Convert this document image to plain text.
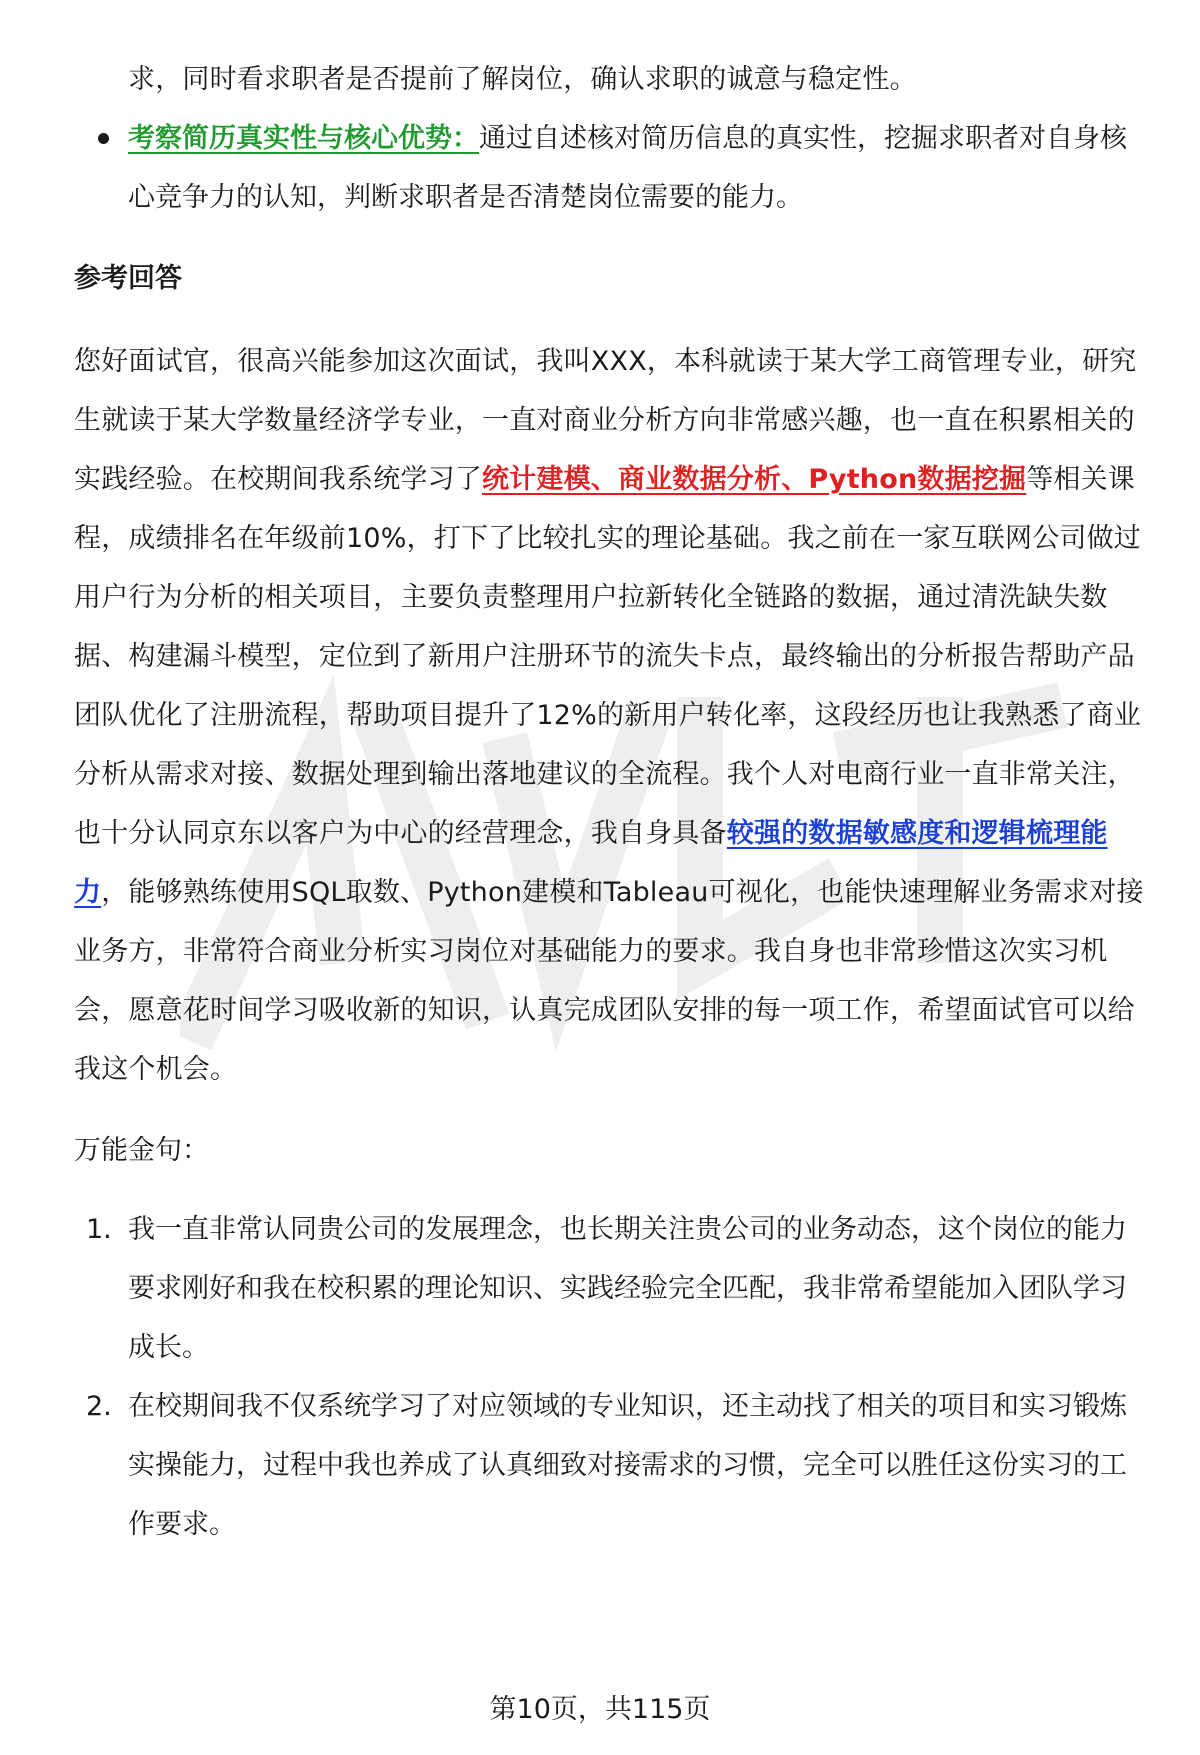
求，同时看求职者是否提前了解岗位，确认求职的诚意与稳定性。

考察简历真实性与核心优势：通过自述核对简历信息的真实性，挖掘求职者对自身核心竞争力的认知，判断求职者是否清楚岗位需要的能力。

参考回答

您好面试官，很高兴能参加这次面试，我叫XXX，本科就读于某大学工商管理专业，研究生就读于某大学数量经济学专业，一直对商业分析方向非常感兴趣，也一直在积累相关的实践经验。在校期间我系统学习了统计建模、商业数据分析、Python数据挖掘等相关课程，成绩排名在年级前10%，打下了比较扎实的理论基础。我之前在一家互联网公司做过用户行为分析的相关项目，主要负责整理用户拉新转化全链路的数据，通过清洗缺失数据、构建漏斗模型，定位到了新用户注册环节的流失卡点，最终输出的分析报告帮助产品团队优化了注册流程，帮助项目提升了12%的新用户转化率，这段经历也让我熟悉了商业分析从需求对接、数据处理到输出落地建议的全流程。我个人对电商行业一直非常关注，也十分认同京东以客户为中心的经营理念，我自身具备较强的数据敏感度和逻辑梳理能力，能够熟练使用SQL取数、Python建模和Tableau可视化，也能快速理解业务需求对接业务方，非常符合商业分析实习岗位对基础能力的要求。我自身也非常珍惜这次实习机会，愿意花时间学习吸收新的知识，认真完成团队安排的每一项工作，希望面试官可以给我这个机会。

万能金句：

1. 我一直非常认同贵公司的发展理念，也长期关注贵公司的业务动态，这个岗位的能力要求刚好和我在校积累的理论知识、实践经验完全匹配，我非常希望能加入团队学习成长。
2. 在校期间我不仅系统学习了对应领域的专业知识，还主动找了相关的项目和实习锻炼实操能力，过程中我也养成了认真细致对接需求的习惯，完全可以胜任这份实习的工作要求。
第10页，共115页
